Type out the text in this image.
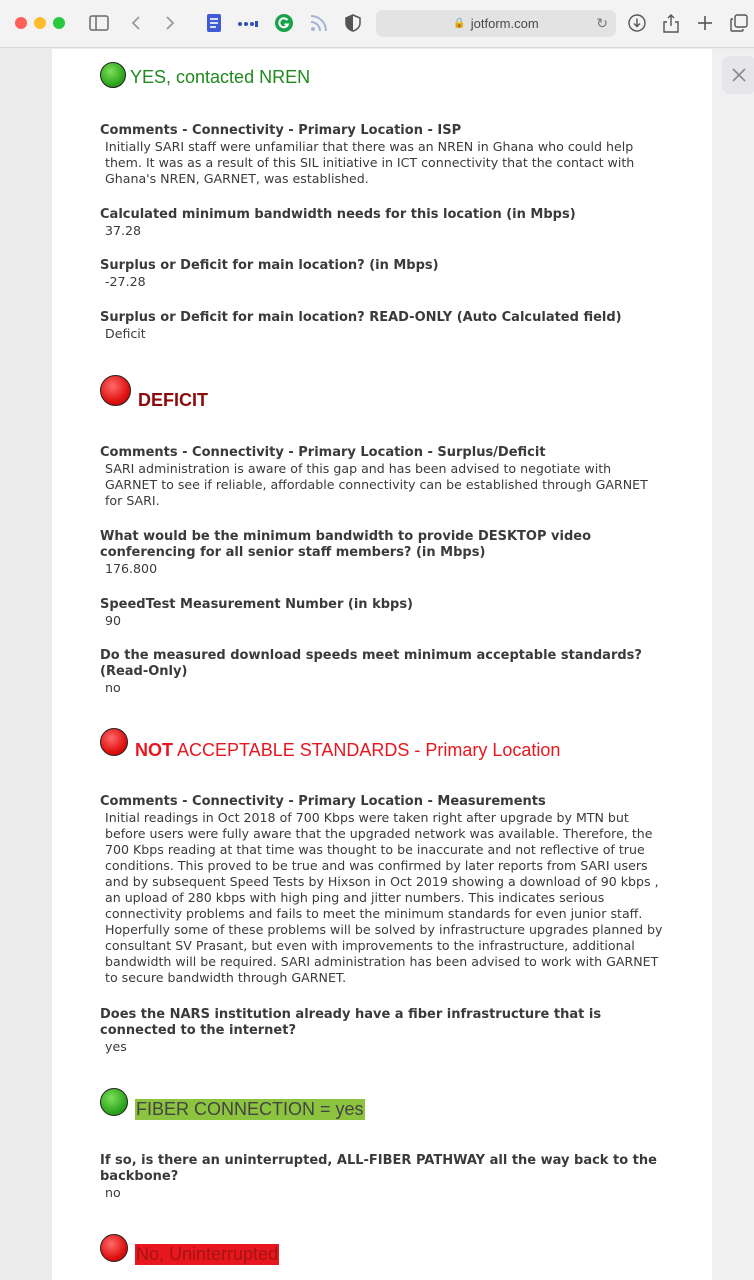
🔒 jotform.com	↻
YES, contacted NREN
Comments - Connectivity - Primary Location - ISP
Initially SARI staff were unfamiliar that there was an NREN in Ghana who could help them. It was as a result of this SIL initiative in ICT connectivity that the contact with Ghana's NREN, GARNET, was established.
Calculated minimum bandwidth needs for this location (in Mbps)
37.28
Surplus or Deficit for main location? (in Mbps)
-27.28
Surplus or Deficit for main location? READ-ONLY (Auto Calculated field)
Deficit
DEFICIT
Comments - Connectivity - Primary Location - Surplus/Deficit
SARI administration is aware of this gap and has been advised to negotiate with GARNET to see if reliable, affordable connectivity can be established through GARNET for SARI.
What would be the minimum bandwidth to provide DESKTOP video conferencing for all senior staff members? (in Mbps)
176.800
SpeedTest Measurement Number (in kbps)
90
Do the measured download speeds meet minimum acceptable standards? (Read-Only)
no
NOT ACCEPTABLE STANDARDS - Primary Location
Comments - Connectivity - Primary Location - Measurements
Initial readings in Oct 2018 of 700 Kbps were taken right after upgrade by MTN but before users were fully aware that the upgraded network was available. Therefore, the 700 Kbps reading at that time was thought to be inaccurate and not reflective of true conditions. This proved to be true and was confirmed by later reports from SARI users and by subsequent Speed Tests by Hixson in Oct 2019 showing a download of 90 kbps , an upload of 280 kbps with high ping and jitter numbers. This indicates serious connectivity problems and fails to meet the minimum standards for even junior staff. Hoperfully some of these problems will be solved by infrastructure upgrades planned by consultant SV Prasant, but even with improvements to the infrastructure, additional bandwidth will be required. SARI administration has been advised to work with GARNET to secure bandwidth through GARNET.
Does the NARS institution already have a fiber infrastructure that is connected to the internet?
yes
FIBER CONNECTION = yes
If so, is there an uninterrupted, ALL-FIBER PATHWAY all the way back to the backbone?
no
No, Uninterrupted
